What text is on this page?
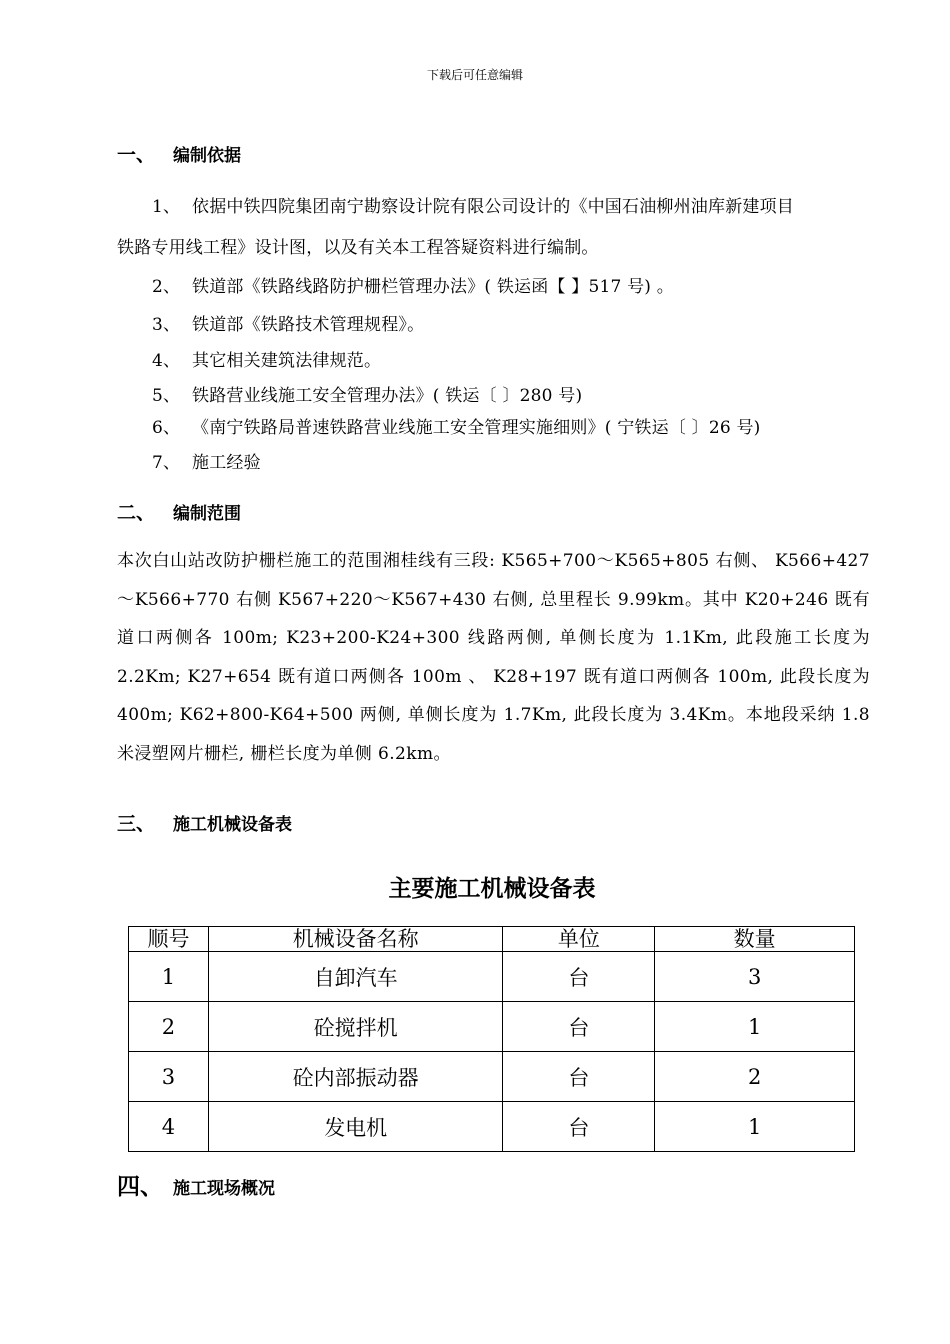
下载后可任意编辑
一、 编制依据
1、 依据中铁四院集团南宁勘察设计院有限公司设计的《中国石油柳州油库新建项目
铁路专用线工程》设计图，以及有关本工程答疑资料进行编制。
2、 铁道部《铁路线路防护栅栏管理办法》( 铁运函【 】517 号) 。
3、 铁道部《铁路技术管理规程》。
4、 其它相关建筑法律规范。
5、 铁路营业线施工安全管理办法》( 铁运〔 〕280 号)
6、 《南宁铁路局普速铁路营业线施工安全管理实施细则》( 宁铁运〔 〕26 号)
7、 施工经验
二、 编制范围
本次白山站改防护栅栏施工的范围湘桂线有三段: K565+700～K565+805 右侧、 K566+427～K566+770 右侧 K567+220～K567+430 右侧, 总里程长 9.99km。其中 K20+246 既有道口两侧各 100m; K23+200-K24+300 线路两侧, 单侧长度为 1.1Km, 此段施工长度为 2.2Km; K27+654 既有道口两侧各 100m 、 K28+197 既有道口两侧各 100m, 此段长度为 400m; K62+800-K64+500 两侧, 单侧长度为 1.7Km, 此段长度为 3.4Km。本地段采纳 1.8 米浸塑网片栅栏, 栅栏长度为单侧 6.2km。
三、 施工机械设备表
主要施工机械设备表
顺号	机械设备名称	单位	数量
1	自卸汽车	台	3
2	砼搅拌机	台	1
3	砼内部振动器	台	2
4	发电机	台	1
四、 施工现场概况
